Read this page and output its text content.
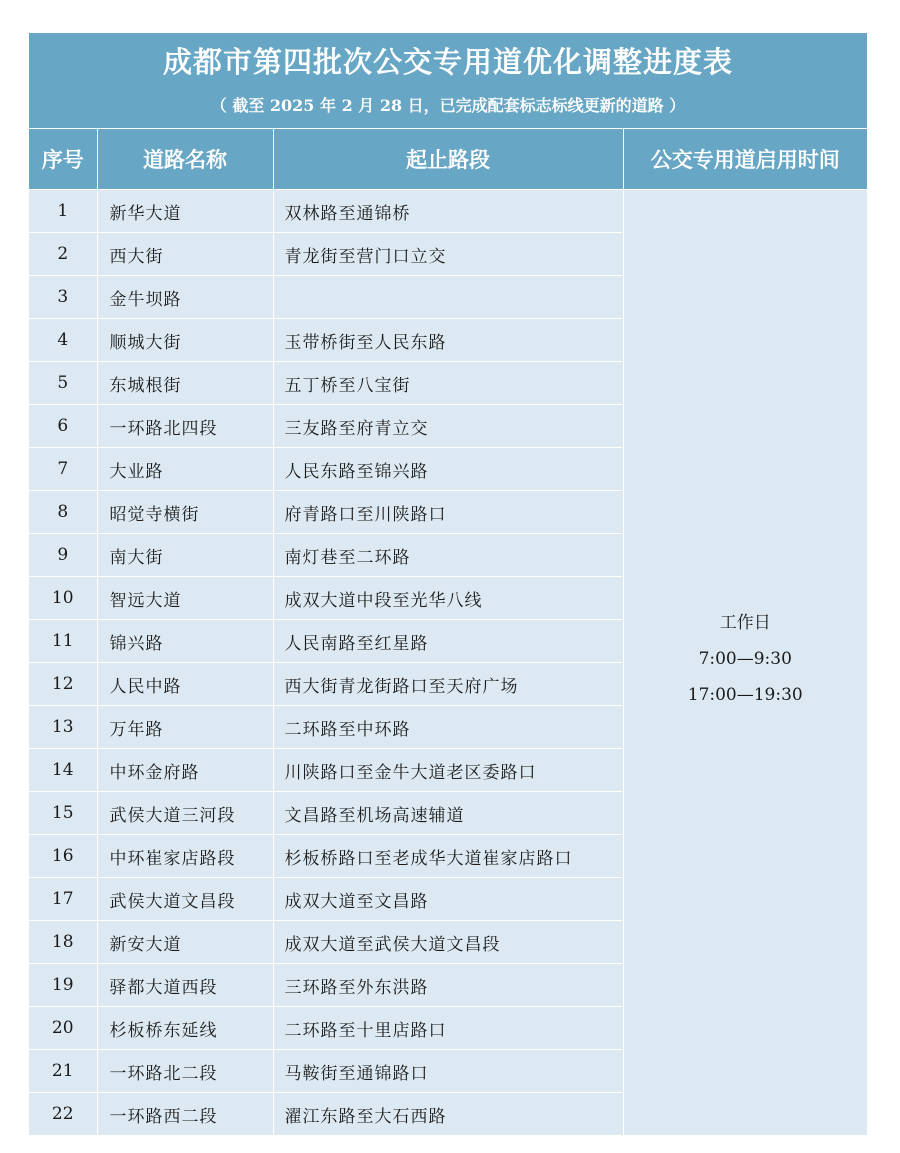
成都市第四批次公交专用道优化调整进度表
（ 截至 2025 年 2 月 28 日，已完成配套标志标线更新的道路 ）
序号	道路名称	起止路段	公交专用道启用时间
1	新华大道	双林路至通锦桥	工作日
7:00—9:30
17:00—19:30

2	西大街	青龙街至营门口立交	
3	金牛坝路		
4	顺城大街	玉带桥街至人民东路	
5	东城根街	五丁桥至八宝街	
6	一环路北四段	三友路至府青立交	
7	大业路	人民东路至锦兴路	
8	昭觉寺横街	府青路口至川陕路口	
9	南大街	南灯巷至二环路	
10	智远大道	成双大道中段至光华八线	
11	锦兴路	人民南路至红星路	
12	人民中路	西大街青龙街路口至天府广场	
13	万年路	二环路至中环路	
14	中环金府路	川陕路口至金牛大道老区委路口	
15	武侯大道三河段	文昌路至机场高速辅道	
16	中环崔家店路段	杉板桥路口至老成华大道崔家店路口	
17	武侯大道文昌段	成双大道至文昌路	
18	新安大道	成双大道至武侯大道文昌段	
19	驿都大道西段	三环路至外东洪路	
20	杉板桥东延线	二环路至十里店路口	
21	一环路北二段	马鞍街至通锦路口	
22	一环路西二段	濯江东路至大石西路	
